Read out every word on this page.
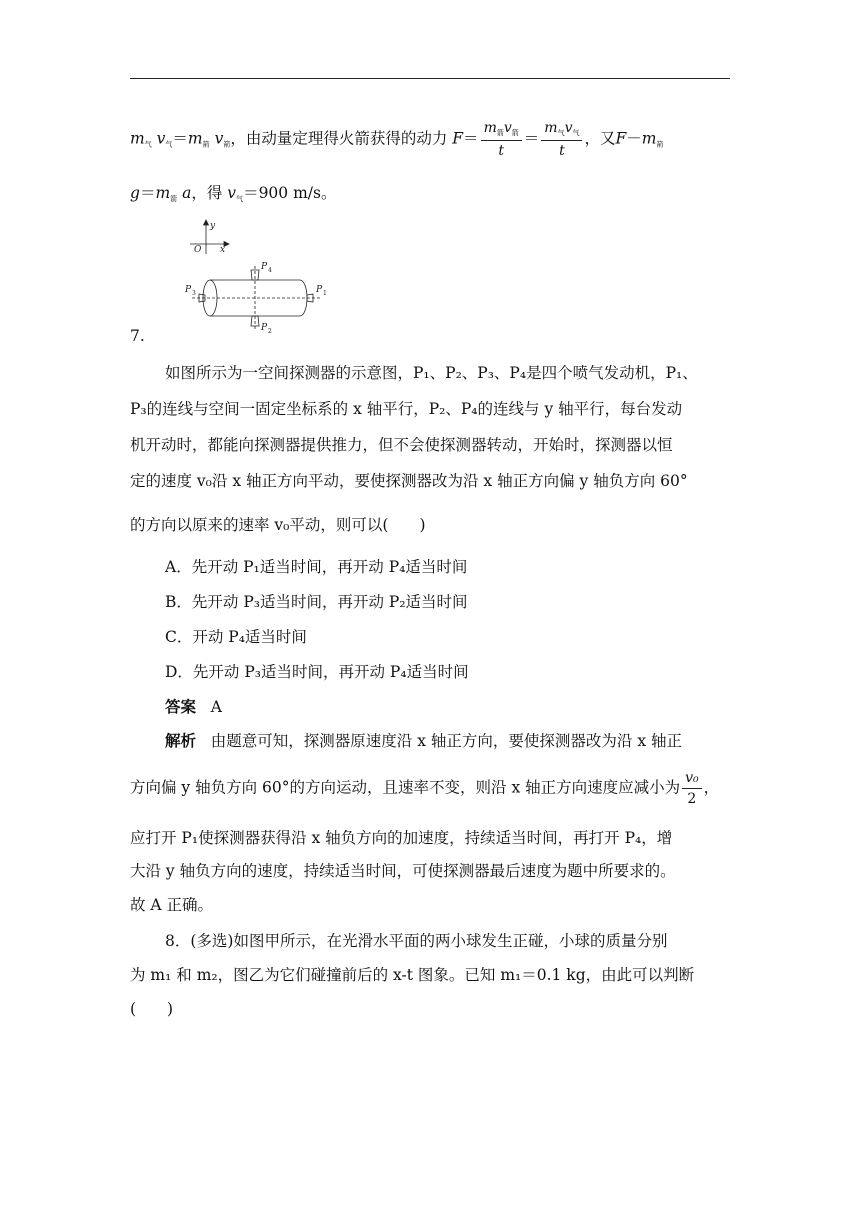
m气 v气＝m箭 v箭，由动量定理得火箭获得的动力 $F= \frac{m_箭v_箭}{t} = \frac{m_气v_气}{t}$ ，又F－m箭
g＝m箭 a，得 v气＝900 m/s。
y
x
O
P 4
P 2
P 3	P 1
7.
如图所示为一空间探测器的示意图，P₁、P₂、P₃、P₄是四个喷气发动机，P₁、
P₃的连线与空间一固定坐标系的 x 轴平行，P₂、P₄的连线与 y 轴平行，每台发动
机开动时，都能向探测器提供推力，但不会使探测器转动，开始时，探测器以恒
定的速度 v₀沿 x 轴正方向平动，要使探测器改为沿 x 轴正方向偏 y 轴负方向 60°
的方向以原来的速率 v₀平动，则可以(　　)
A．先开动 P₁适当时间，再开动 P₄适当时间
B．先开动 P₃适当时间，再开动 P₂适当时间
C．开动 P₄适当时间
D．先开动 P₃适当时间，再开动 P₄适当时间
答案 A
解析 由题意可知，探测器原速度沿 x 轴正方向，要使探测器改为沿 x 轴正
方向偏 y 轴负方向 60°的方向运动，且速率不变，则沿 x 轴正方向速度应减小为 $\frac{\text{v₀}}{2}$ ，
应打开 P₁使探测器获得沿 x 轴负方向的加速度，持续适当时间，再打开 P₄，增
大沿 y 轴负方向的速度，持续适当时间，可使探测器最后速度为题中所要求的。
故 A 正确。
8．(多选)如图甲所示，在光滑水平面的两小球发生正碰，小球的质量分别
为 m₁ 和 m₂，图乙为它们碰撞前后的 x-t 图象。已知 m₁＝0.1 kg，由此可以判断
(　　)
